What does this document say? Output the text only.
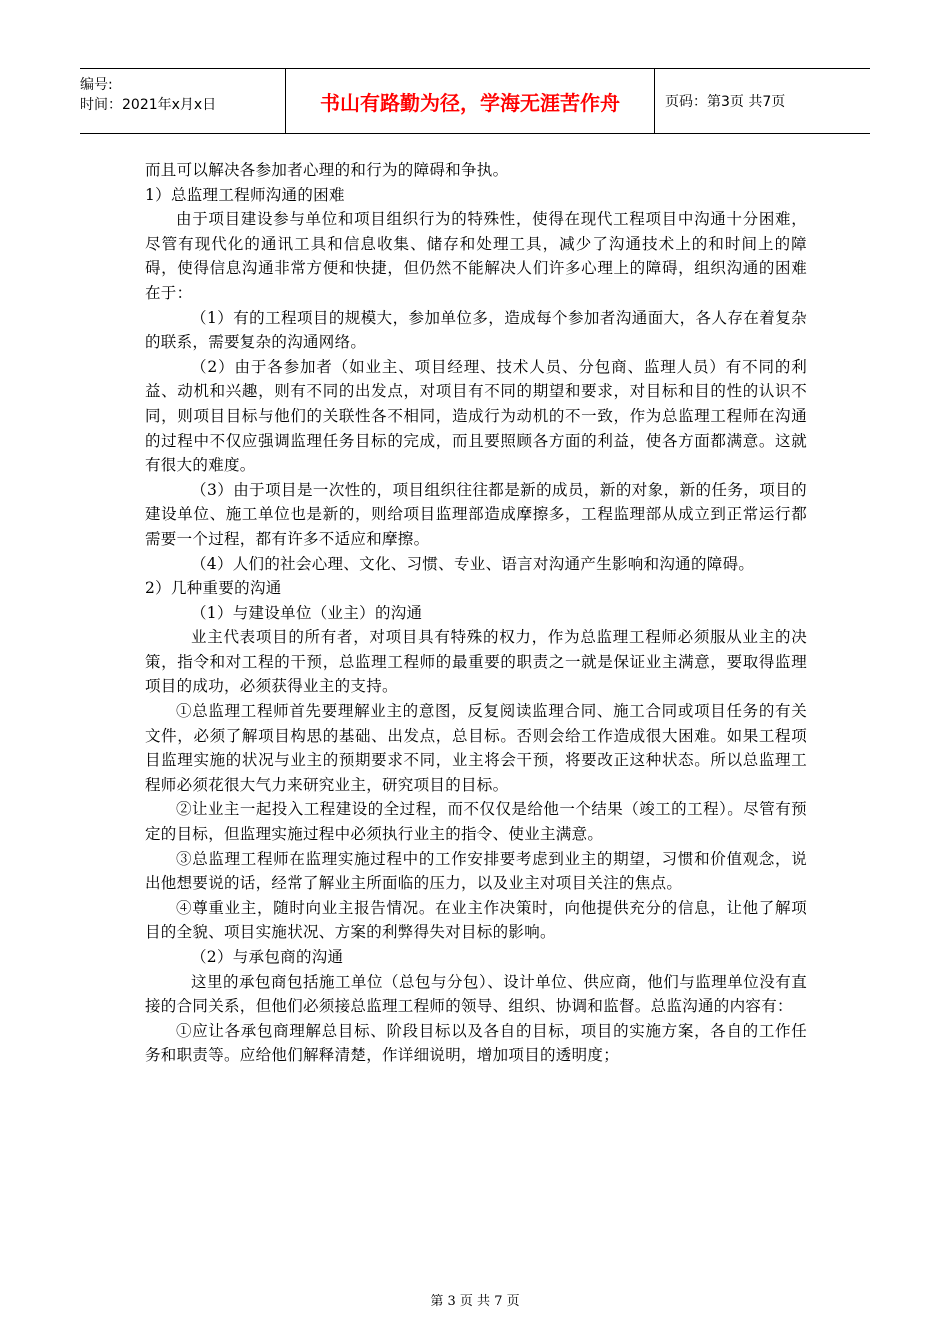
编号:
时间：2021年x月x日	书山有路勤为径，学海无涯苦作舟	页码：第3页 共7页

而且可以解决各参加者心理的和行为的障碍和争执。

1）总监理工程师沟通的困难

由于项目建设参与单位和项目组织行为的特殊性，使得在现代工程项目中沟通十分困难，尽管有现代化的通讯工具和信息收集、储存和处理工具，减少了沟通技术上的和时间上的障碍，使得信息沟通非常方便和快捷，但仍然不能解决人们许多心理上的障碍，组织沟通的困难在于：

（1）有的工程项目的规模大，参加单位多，造成每个参加者沟通面大，各人存在着复杂的联系，需要复杂的沟通网络。

（2）由于各参加者（如业主、项目经理、技术人员、分包商、监理人员）有不同的利益、动机和兴趣，则有不同的出发点，对项目有不同的期望和要求，对目标和目的性的认识不同，则项目目标与他们的关联性各不相同，造成行为动机的不一致，作为总监理工程师在沟通的过程中不仅应强调监理任务目标的完成，而且要照顾各方面的利益，使各方面都满意。这就有很大的难度。

（3）由于项目是一次性的，项目组织往往都是新的成员，新的对象，新的任务，项目的建设单位、施工单位也是新的，则给项目监理部造成摩擦多，工程监理部从成立到正常运行都需要一个过程，都有许多不适应和摩擦。

（4）人们的社会心理、文化、习惯、专业、语言对沟通产生影响和沟通的障碍。

2）几种重要的沟通

（1）与建设单位（业主）的沟通

业主代表项目的所有者，对项目具有特殊的权力，作为总监理工程师必须服从业主的决策，指令和对工程的干预，总监理工程师的最重要的职责之一就是保证业主满意，要取得监理项目的成功，必须获得业主的支持。

①总监理工程师首先要理解业主的意图，反复阅读监理合同、施工合同或项目任务的有关文件，必须了解项目构思的基础、出发点，总目标。否则会给工作造成很大困难。如果工程项目监理实施的状况与业主的预期要求不同，业主将会干预，将要改正这种状态。所以总监理工程师必须花很大气力来研究业主，研究项目的目标。

②让业主一起投入工程建设的全过程，而不仅仅是给他一个结果（竣工的工程）。尽管有预定的目标，但监理实施过程中必须执行业主的指令、使业主满意。

③总监理工程师在监理实施过程中的工作安排要考虑到业主的期望，习惯和价值观念，说出他想要说的话，经常了解业主所面临的压力，以及业主对项目关注的焦点。

④尊重业主，随时向业主报告情况。在业主作决策时，向他提供充分的信息，让他了解项目的全貌、项目实施状况、方案的利弊得失对目标的影响。

（2）与承包商的沟通

这里的承包商包括施工单位（总包与分包）、设计单位、供应商，他们与监理单位没有直接的合同关系，但他们必须接总监理工程师的领导、组织、协调和监督。总监沟通的内容有：

①应让各承包商理解总目标、阶段目标以及各自的目标，项目的实施方案，各自的工作任务和职责等。应给他们解释清楚，作详细说明，增加项目的透明度；

第 3 页 共 7 页
